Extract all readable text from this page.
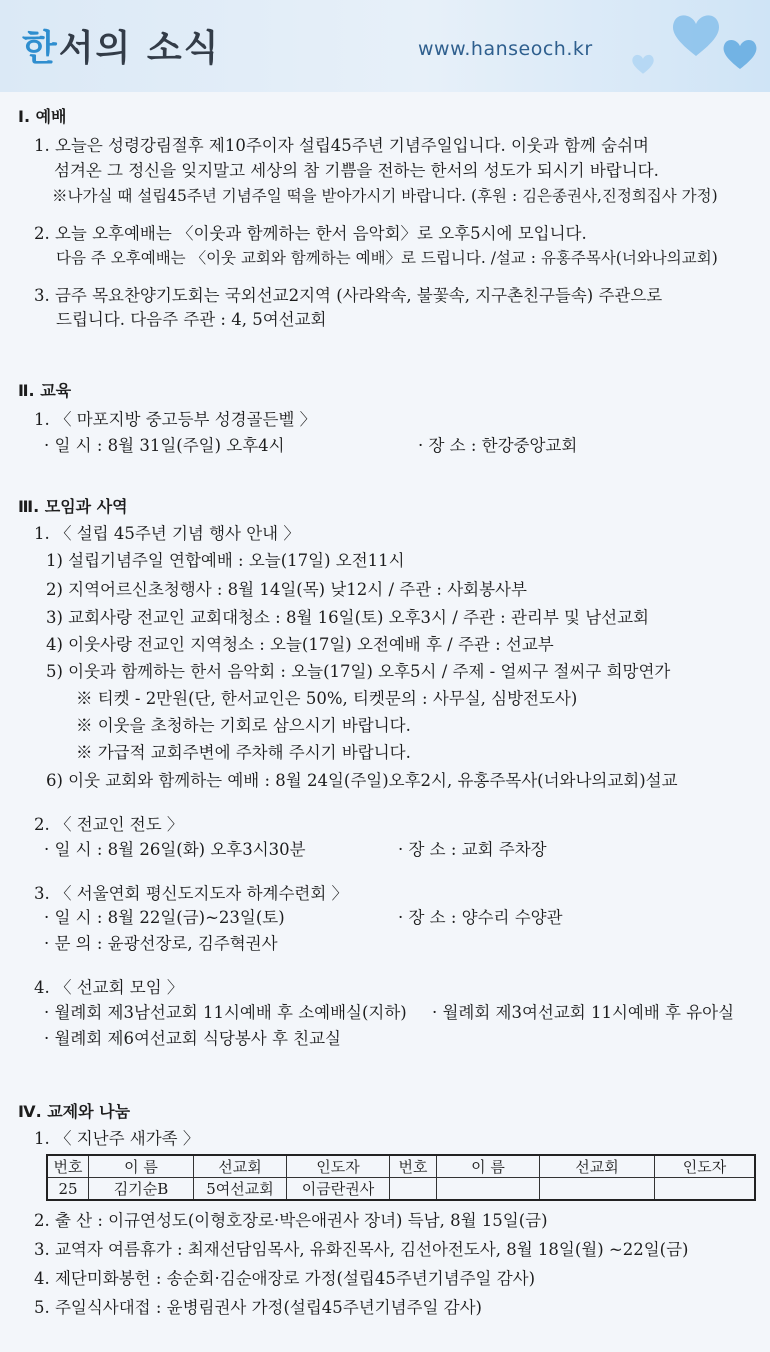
한서의 소식	www.hanseoch.kr
Ⅰ. 예배
1. 오늘은 성령강림절후 제10주이자 설립45주년 기념주일입니다. 이웃과 함께 숨쉬며
섬겨온 그 정신을 잊지말고 세상의 참 기쁨을 전하는 한서의 성도가 되시기 바랍니다.
※나가실 때 설립45주년 기념주일 떡을 받아가시기 바랍니다. (후원 : 김은종권사,진정희집사 가정)
2. 오늘 오후예배는 〈이웃과 함께하는 한서 음악회〉로 오후5시에 모입니다.
다음 주 오후예배는 〈이웃 교회와 함께하는 예배〉로 드립니다. /설교 : 유홍주목사(너와나의교회)
3. 금주 목요찬양기도회는 국외선교2지역 (사라왁속, 불꽃속, 지구촌친구들속) 주관으로
드립니다. 다음주 주관 : 4, 5여선교회
Ⅱ. 교육
1. 〈 마포지방 중고등부 성경골든벨 〉
· 일 시 : 8월 31일(주일) 오후4시	· 장 소 : 한강중앙교회
Ⅲ. 모임과 사역
1. 〈 설립 45주년 기념 행사 안내 〉
1) 설립기념주일 연합예배 : 오늘(17일) 오전11시
2) 지역어르신초청행사 : 8월 14일(목) 낮12시 / 주관 : 사회봉사부
3) 교회사랑 전교인 교회대청소 : 8월 16일(토) 오후3시 / 주관 : 관리부 및 남선교회
4) 이웃사랑 전교인 지역청소 : 오늘(17일) 오전예배 후 / 주관 : 선교부
5) 이웃과 함께하는 한서 음악회 : 오늘(17일) 오후5시 / 주제 - 얼씨구 절씨구 희망연가
※ 티켓 - 2만원(단, 한서교인은 50%, 티켓문의 : 사무실, 심방전도사)
※ 이웃을 초청하는 기회로 삼으시기 바랍니다.
※ 가급적 교회주변에 주차해 주시기 바랍니다.
6) 이웃 교회와 함께하는 예배 : 8월 24일(주일)오후2시, 유홍주목사(너와나의교회)설교
2. 〈 전교인 전도 〉
· 일 시 : 8월 26일(화) 오후3시30분	· 장 소 : 교회 주차장
3. 〈 서울연회 평신도지도자 하계수련회 〉
· 일 시 : 8월 22일(금)~23일(토)	· 장 소 : 양수리 수양관
· 문 의 : 윤광선장로, 김주혁권사
4. 〈 선교회 모임 〉
· 월례회 제3남선교회 11시예배 후 소예배실(지하) · 월례회 제3여선교회 11시예배 후 유아실
· 월례회 제6여선교회 식당봉사 후 친교실
Ⅳ. 교제와 나눔
1. 〈 지난주 새가족 〉
번호	이 름	선교회	인도자	번호	이 름	선교회	인도자
25	김기순B	5여선교회	이금란권사				
2. 출 산 : 이규연성도(이형호장로·박은애권사 장녀) 득남, 8월 15일(금)
3. 교역자 여름휴가 : 최재선담임목사, 유화진목사, 김선아전도사, 8월 18일(월) ~22일(금)
4. 제단미화봉헌 : 송순회·김순애장로 가정(설립45주년기념주일 감사)
5. 주일식사대접 : 윤병림권사 가정(설립45주년기념주일 감사)
